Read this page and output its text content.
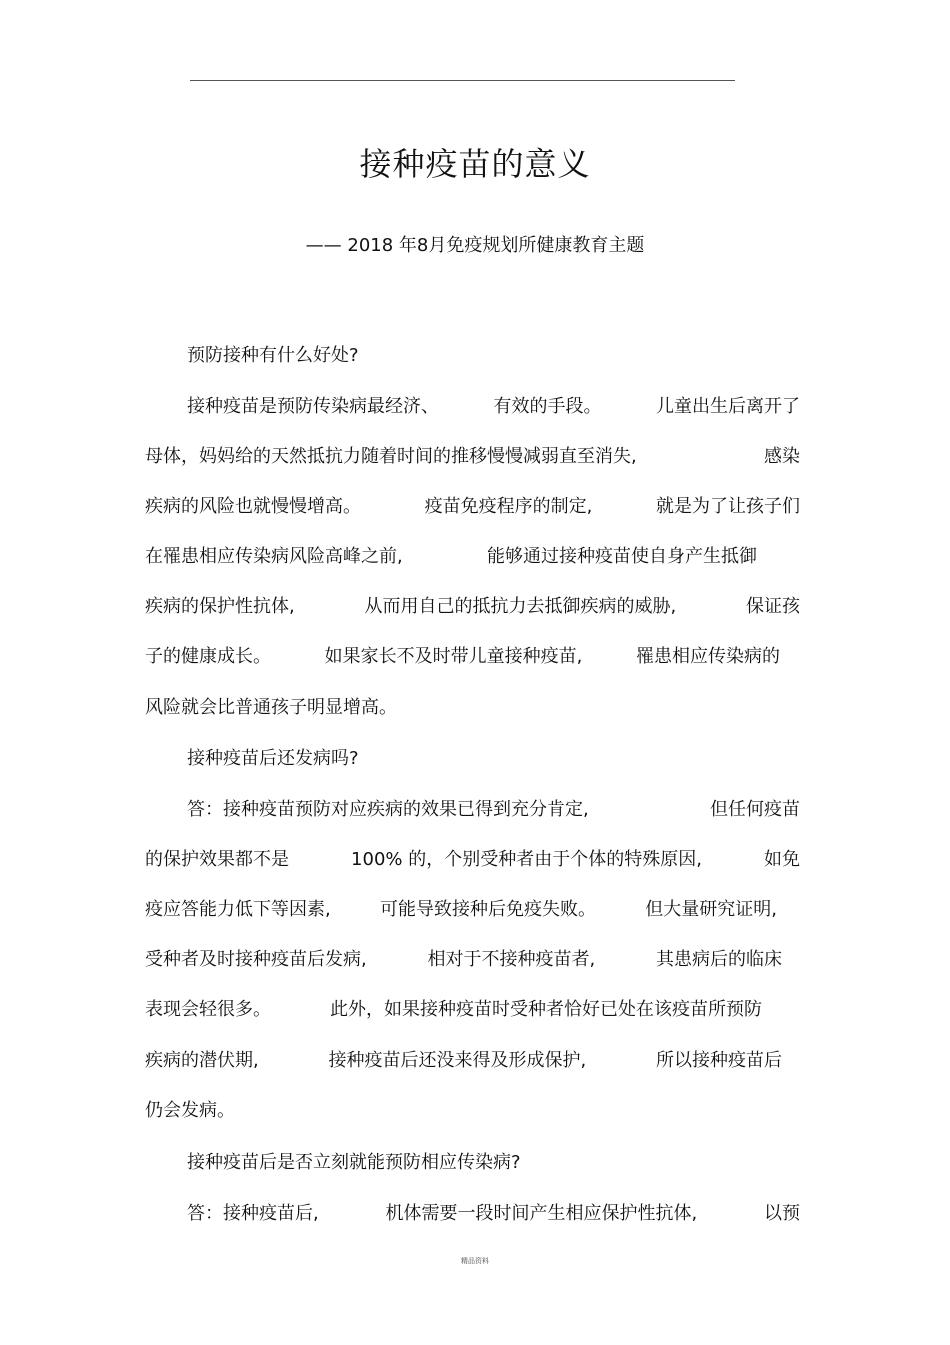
接种疫苗的意义
—— 2018 年8月免疫规划所健康教育主题
预防接种有什么好处?
接种疫苗是预防传染病最经济、	有效的手段。	儿童出生后离开了
母体，妈妈给的天然抵抗力随着时间的推移慢慢减弱直至消失,	感染
疾病的风险也就慢慢增高。	疫苗免疫程序的制定,	就是为了让孩子们
在罹患相应传染病风险高峰之前,	能够通过接种疫苗使自身产生抵御
疾病的保护性抗体,	从而用自己的抵抗力去抵御疾病的威胁,	保证孩
子的健康成长。	如果家长不及时带儿童接种疫苗,	罹患相应传染病的
风险就会比普通孩子明显增高。
接种疫苗后还发病吗?
答：接种疫苗预防对应疾病的效果已得到充分肯定,	但任何疫苗
的保护效果都不是	100% 的，个别受种者由于个体的特殊原因,	如免
疫应答能力低下等因素,	可能导致接种后免疫失败。	但大量研究证明,
受种者及时接种疫苗后发病,	相对于不接种疫苗者,	其患病后的临床
表现会轻很多。	此外，如果接种疫苗时受种者恰好已处在该疫苗所预防
疾病的潜伏期,	接种疫苗后还没来得及形成保护,	所以接种疫苗后
仍会发病。
接种疫苗后是否立刻就能预防相应传染病?
答：接种疫苗后,	机体需要一段时间产生相应保护性抗体,	以预
精品资料
